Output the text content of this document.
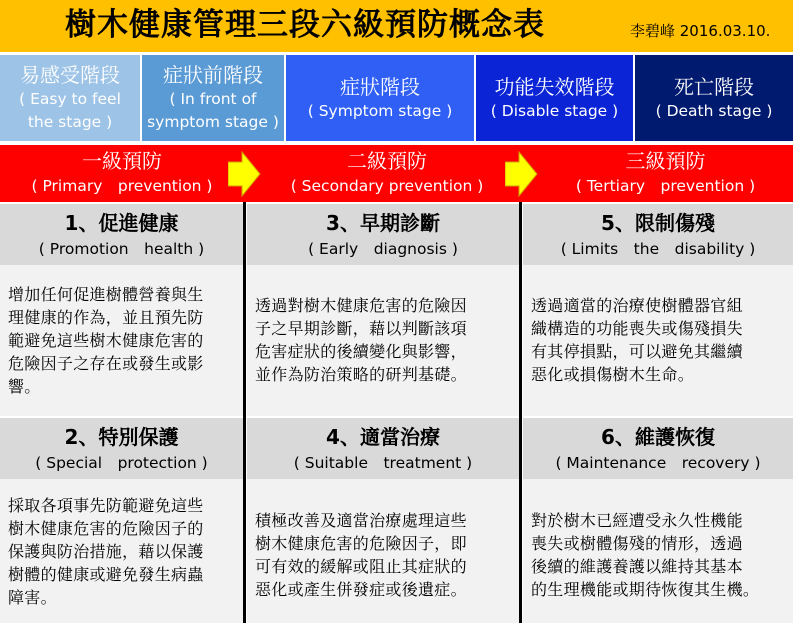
樹木健康管理三段六級預防概念表	李碧峰 2016.03.10.
易感受階段
( Easy to feel
the stage )
症狀前階段
( In front of
symptom stage )
症狀階段
( Symptom stage )
功能失效階段
( Disable stage )
死亡階段
( Death stage )
一級預防
( Primary　prevention )
二級預防
( Secondary prevention )
三級預防
( Tertiary　prevention )
1、促進健康
( Promotion　health )
3、早期診斷
( Early　diagnosis )
5、限制傷殘
( Limits　the　disability )

增加任何促進樹體營養與生

理健康的作為，並且預先防

範避免這些樹木健康危害的

危險因子之存在或發生或影

響。

透過對樹木健康危害的危險因

子之早期診斷，藉以判斷該項

危害症狀的後續變化與影響，

並作為防治策略的研判基礎。

透過適當的治療使樹體器官組

織構造的功能喪失或傷殘損失

有其停損點，可以避免其繼續

惡化或損傷樹木生命。

2、特別保護
( Special　protection )
4、適當治療
( Suitable　treatment )
6、維護恢復
( Maintenance　recovery )

採取各項事先防範避免這些

樹木健康危害的危險因子的

保護與防治措施，藉以保護

樹體的健康或避免發生病蟲

障害。

積極改善及適當治療處理這些

樹木健康危害的危險因子，即

可有效的緩解或阻止其症狀的

惡化或產生併發症或後遺症。

對於樹木已經遭受永久性機能

喪失或樹體傷殘的情形，透過

後續的維護養護以維持其基本

的生理機能或期待恢復其生機。
